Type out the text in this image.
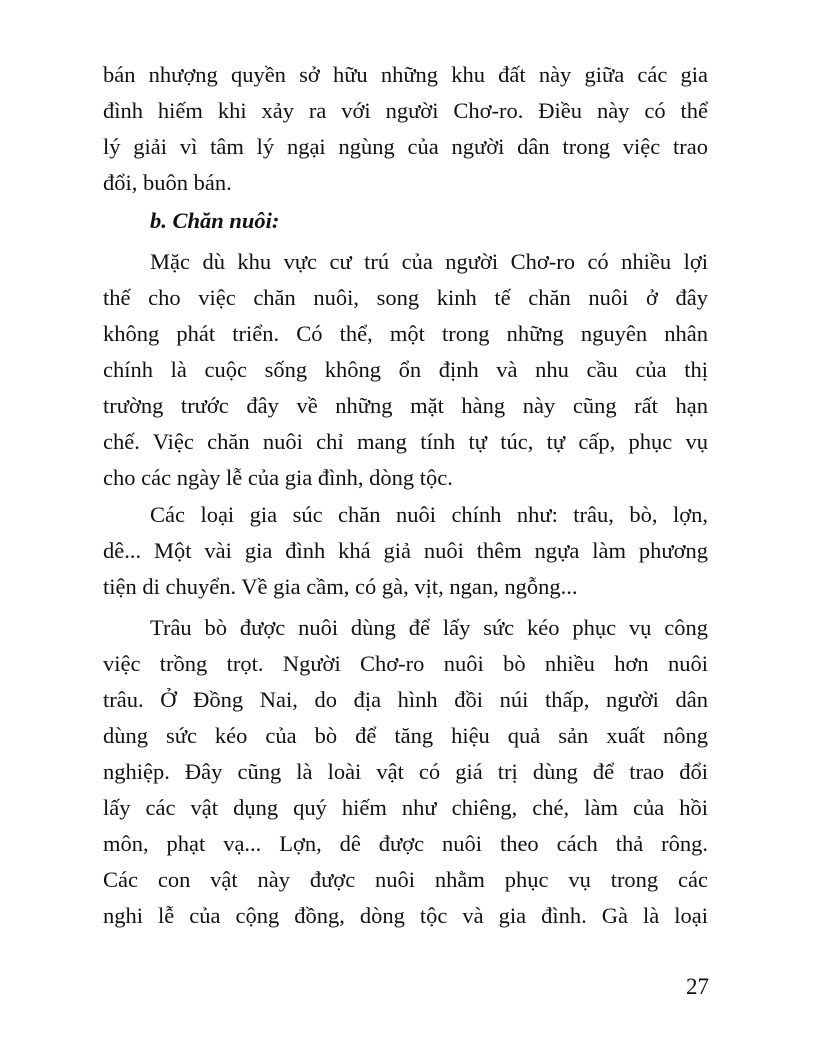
bán nhượng quyền sở hữu những khu đất này giữa các gia
đình hiếm khi xảy ra với người Chơ-ro. Điều này có thể
lý giải vì tâm lý ngại ngùng của người dân trong việc trao
đổi, buôn bán.
b. Chăn nuôi:
Mặc dù khu vực cư trú của người Chơ-ro có nhiều lợi
thế cho việc chăn nuôi, song kinh tế chăn nuôi ở đây
không phát triển. Có thể, một trong những nguyên nhân
chính là cuộc sống không ổn định và nhu cầu của thị
trường trước đây về những mặt hàng này cũng rất hạn
chế. Việc chăn nuôi chỉ mang tính tự túc, tự cấp, phục vụ
cho các ngày lễ của gia đình, dòng tộc.
Các loại gia súc chăn nuôi chính như: trâu, bò, lợn,
dê... Một vài gia đình khá giả nuôi thêm ngựa làm phương
tiện di chuyển. Về gia cầm, có gà, vịt, ngan, ngỗng...
Trâu bò được nuôi dùng để lấy sức kéo phục vụ công
việc trồng trọt. Người Chơ-ro nuôi bò nhiều hơn nuôi
trâu. Ở Đồng Nai, do địa hình đồi núi thấp, người dân
dùng sức kéo của bò để tăng hiệu quả sản xuất nông
nghiệp. Đây cũng là loài vật có giá trị dùng để trao đổi
lấy các vật dụng quý hiếm như chiêng, ché, làm của hồi
môn, phạt vạ... Lợn, dê được nuôi theo cách thả rông.
Các con vật này được nuôi nhằm phục vụ trong các
nghi lễ của cộng đồng, dòng tộc và gia đình. Gà là loại
27
